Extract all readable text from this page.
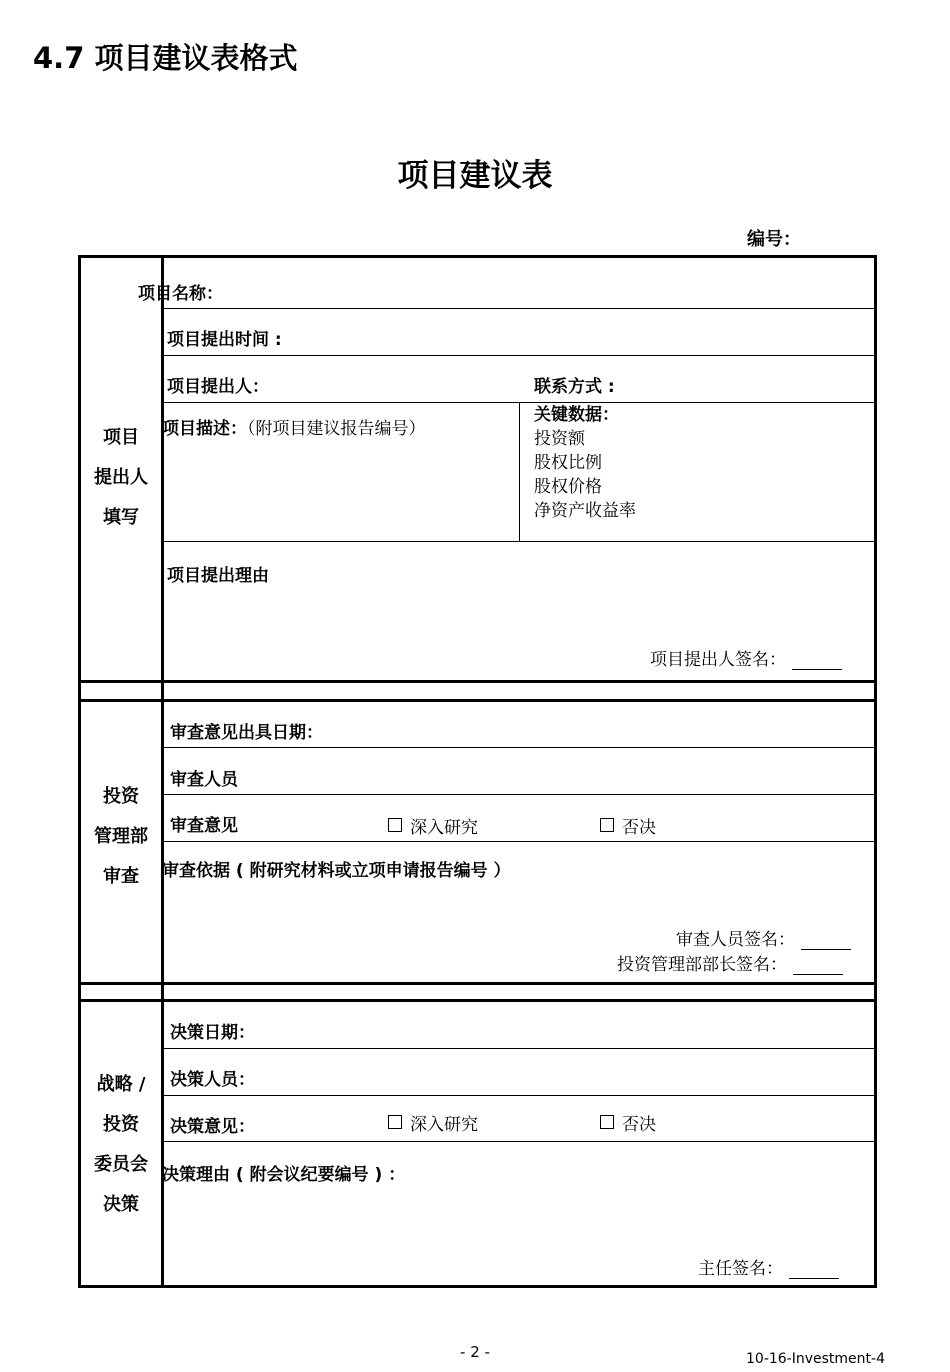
4.7 项目建议表格式
项目建议表
编号：
项目
提出人
填写
项目名称：
项目提出时间 :
项目提出人：	联系方式 :
项目描述：（附项目建议报告编号）
关键数据：
投资额
股权比例
股权价格
净资产收益率
项目提出理由
项目提出人签名：
投资
管理部
审查
审查意见出具日期：
审查人员
审查意见	深入研究	否决
审查依据 ( 附研究材料或立项申请报告编号 ）
审查人员签名：
投资管理部部长签名：
战略 /
投资
委员会
决策
决策日期：
决策人员：
决策意见：	深入研究	否决
决策理由 ( 附会议纪要编号 ) ：
主任签名：
- 2 -	10-16-Investment-4
